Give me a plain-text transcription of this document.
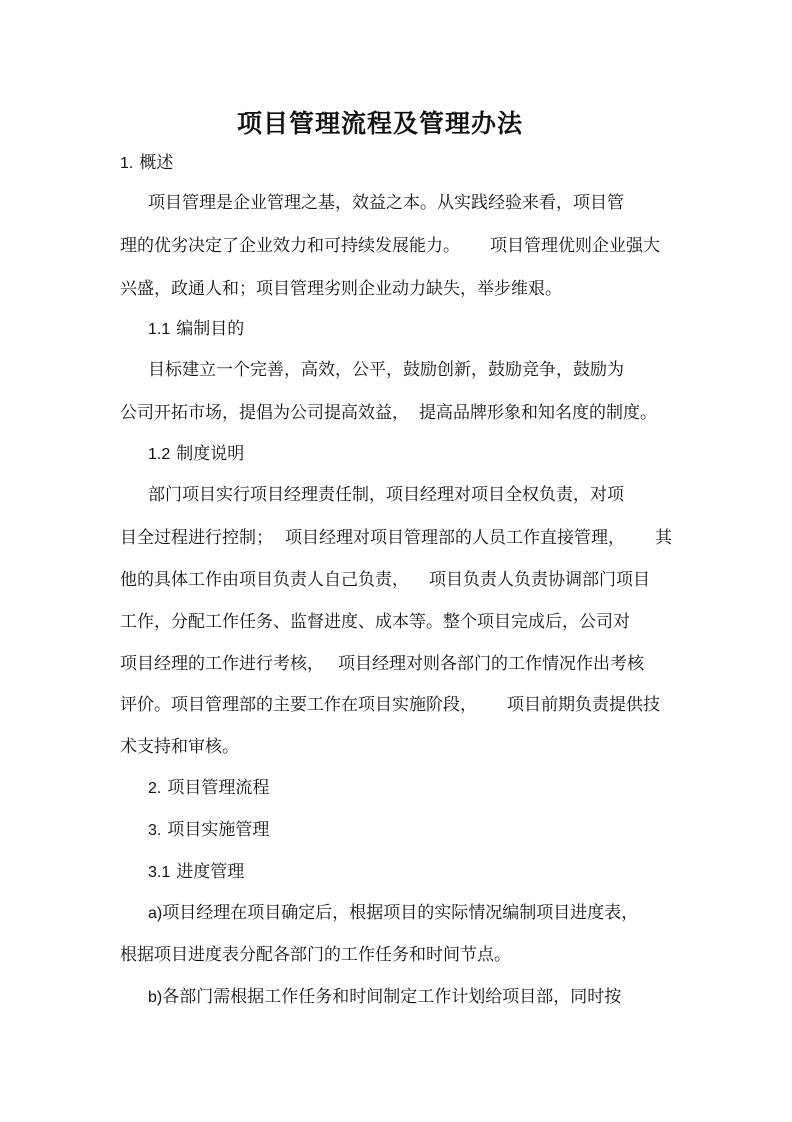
项目管理流程及管理办法
1. 概述
项目管理是企业管理之基，效益之本。从实践经验来看，项目管
理的优劣决定了企业效力和可持续发展能力。 项目管理优则企业强大
兴盛，政通人和；项目管理劣则企业动力缺失，举步维艰。
1.1 编制目的
目标建立一个完善，高效，公平，鼓励创新，鼓励竞争，鼓励为
公司开拓市场，提倡为公司提高效益， 提高品牌形象和知名度的制度。
1.2 制度说明
部门项目实行项目经理责任制，项目经理对项目全权负责，对项
目全过程进行控制； 项目经理对项目管理部的人员工作直接管理， 其
他的具体工作由项目负责人自己负责， 项目负责人负责协调部门项目
工作，分配工作任务、监督进度、成本等。整个项目完成后，公司对
项目经理的工作进行考核， 项目经理对则各部门的工作情况作出考核
评价。项目管理部的主要工作在项目实施阶段， 项目前期负责提供技
术支持和审核。
2. 项目管理流程
3. 项目实施管理
3.1 进度管理
a)项目经理在项目确定后，根据项目的实际情况编制项目进度表，
根据项目进度表分配各部门的工作任务和时间节点。
b)各部门需根据工作任务和时间制定工作计划给项目部，同时按
